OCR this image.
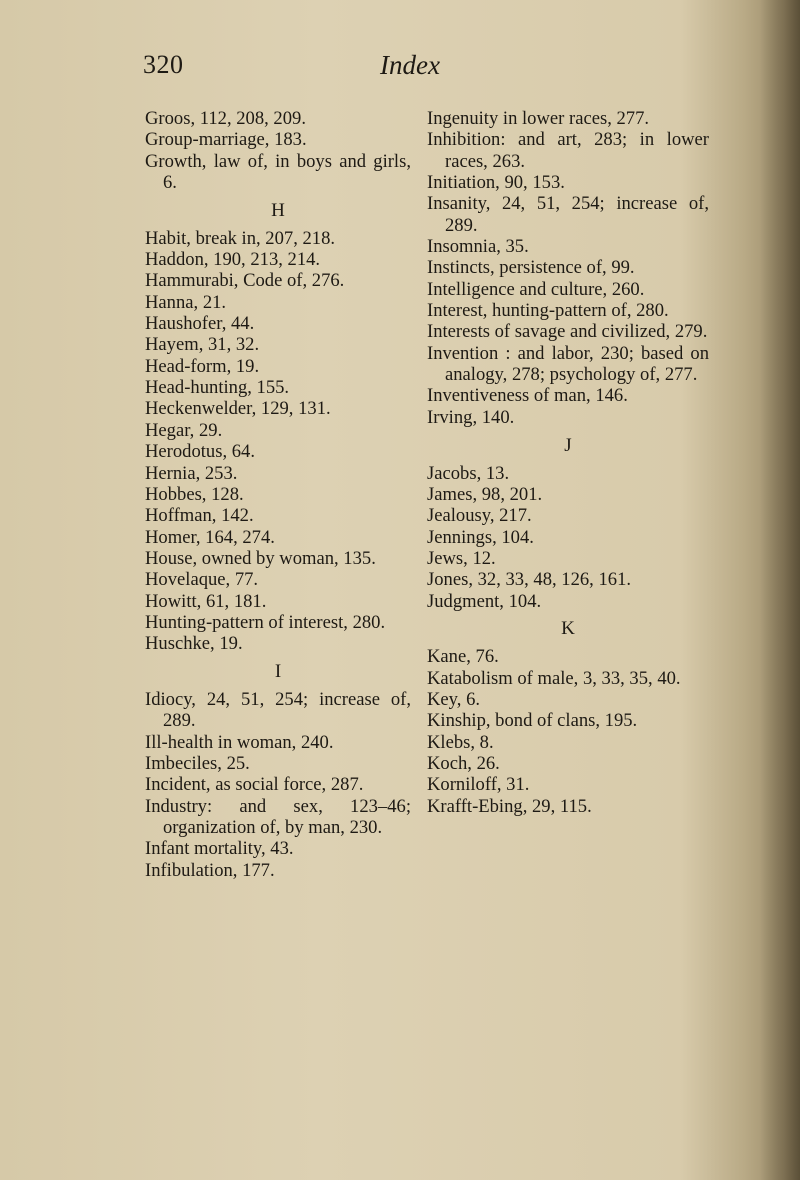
320	Index
Groos, 112, 208, 209.
Group-marriage, 183.
Growth, law of, in boys and girls, 6.
H
Habit, break in, 207, 218.
Haddon, 190, 213, 214.
Hammurabi, Code of, 276.
Hanna, 21.
Haushofer, 44.
Hayem, 31, 32.
Head-form, 19.
Head-hunting, 155.
Heckenwelder, 129, 131.
Hegar, 29.
Herodotus, 64.
Hernia, 253.
Hobbes, 128.
Hoffman, 142.
Homer, 164, 274.
House, owned by woman, 135.
Hovelaque, 77.
Howitt, 61, 181.
Hunting-pattern of interest, 280.
Huschke, 19.
I
Idiocy, 24, 51, 254; increase of, 289.
Ill-health in woman, 240.
Imbeciles, 25.
Incident, as social force, 287.
Industry: and sex, 123–46; organization of, by man, 230.
Infant mortality, 43.
Infibulation, 177.
Ingenuity in lower races, 277.
Inhibition: and art, 283; in lower races, 263.
Initiation, 90, 153.
Insanity, 24, 51, 254; increase of, 289.
Insomnia, 35.
Instincts, persistence of, 99.
Intelligence and culture, 260.
Interest, hunting-pattern of, 280.
Interests of savage and civilized, 279.
Invention : and labor, 230; based on analogy, 278; psychology of, 277.
Inventiveness of man, 146.
Irving, 140.
J
Jacobs, 13.
James, 98, 201.
Jealousy, 217.
Jennings, 104.
Jews, 12.
Jones, 32, 33, 48, 126, 161.
Judgment, 104.
K
Kane, 76.
Katabolism of male, 3, 33, 35, 40.
Key, 6.
Kinship, bond of clans, 195.
Klebs, 8.
Koch, 26.
Korniloff, 31.
Krafft-Ebing, 29, 115.
